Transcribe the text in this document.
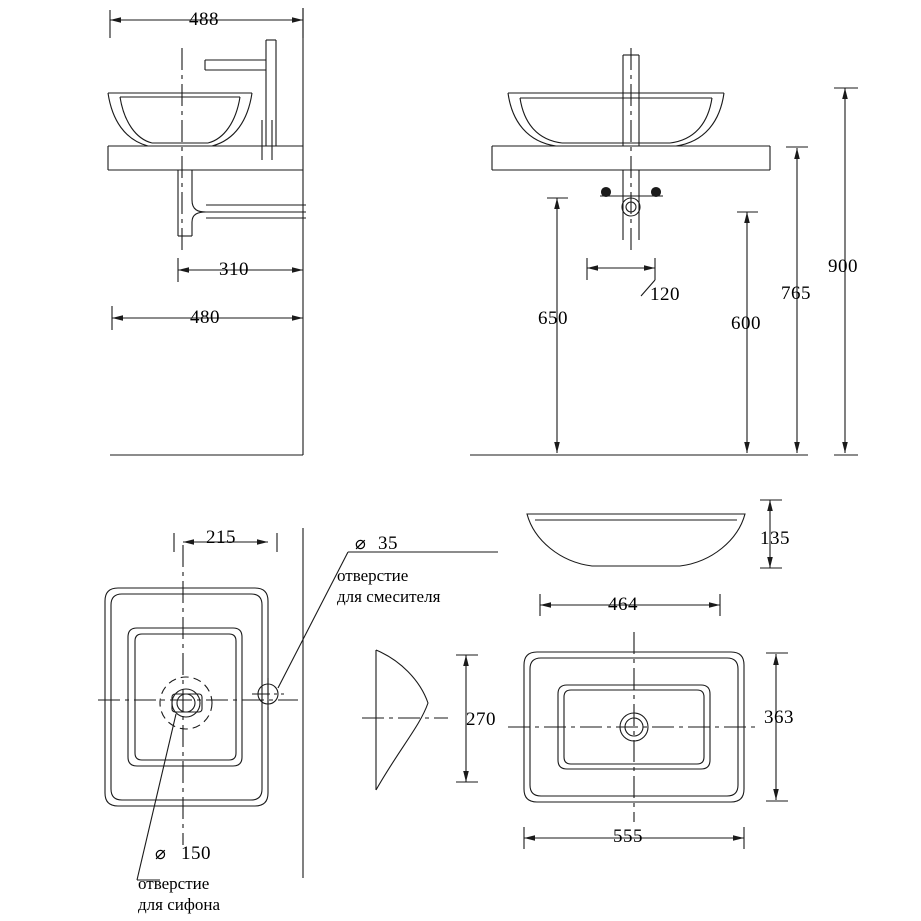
488
310
480
900
765
650	600
120
215	⌀ 35
отверстие
для смесителя
⌀ 150
отверстие
для сифона
270
135
464
363
555
